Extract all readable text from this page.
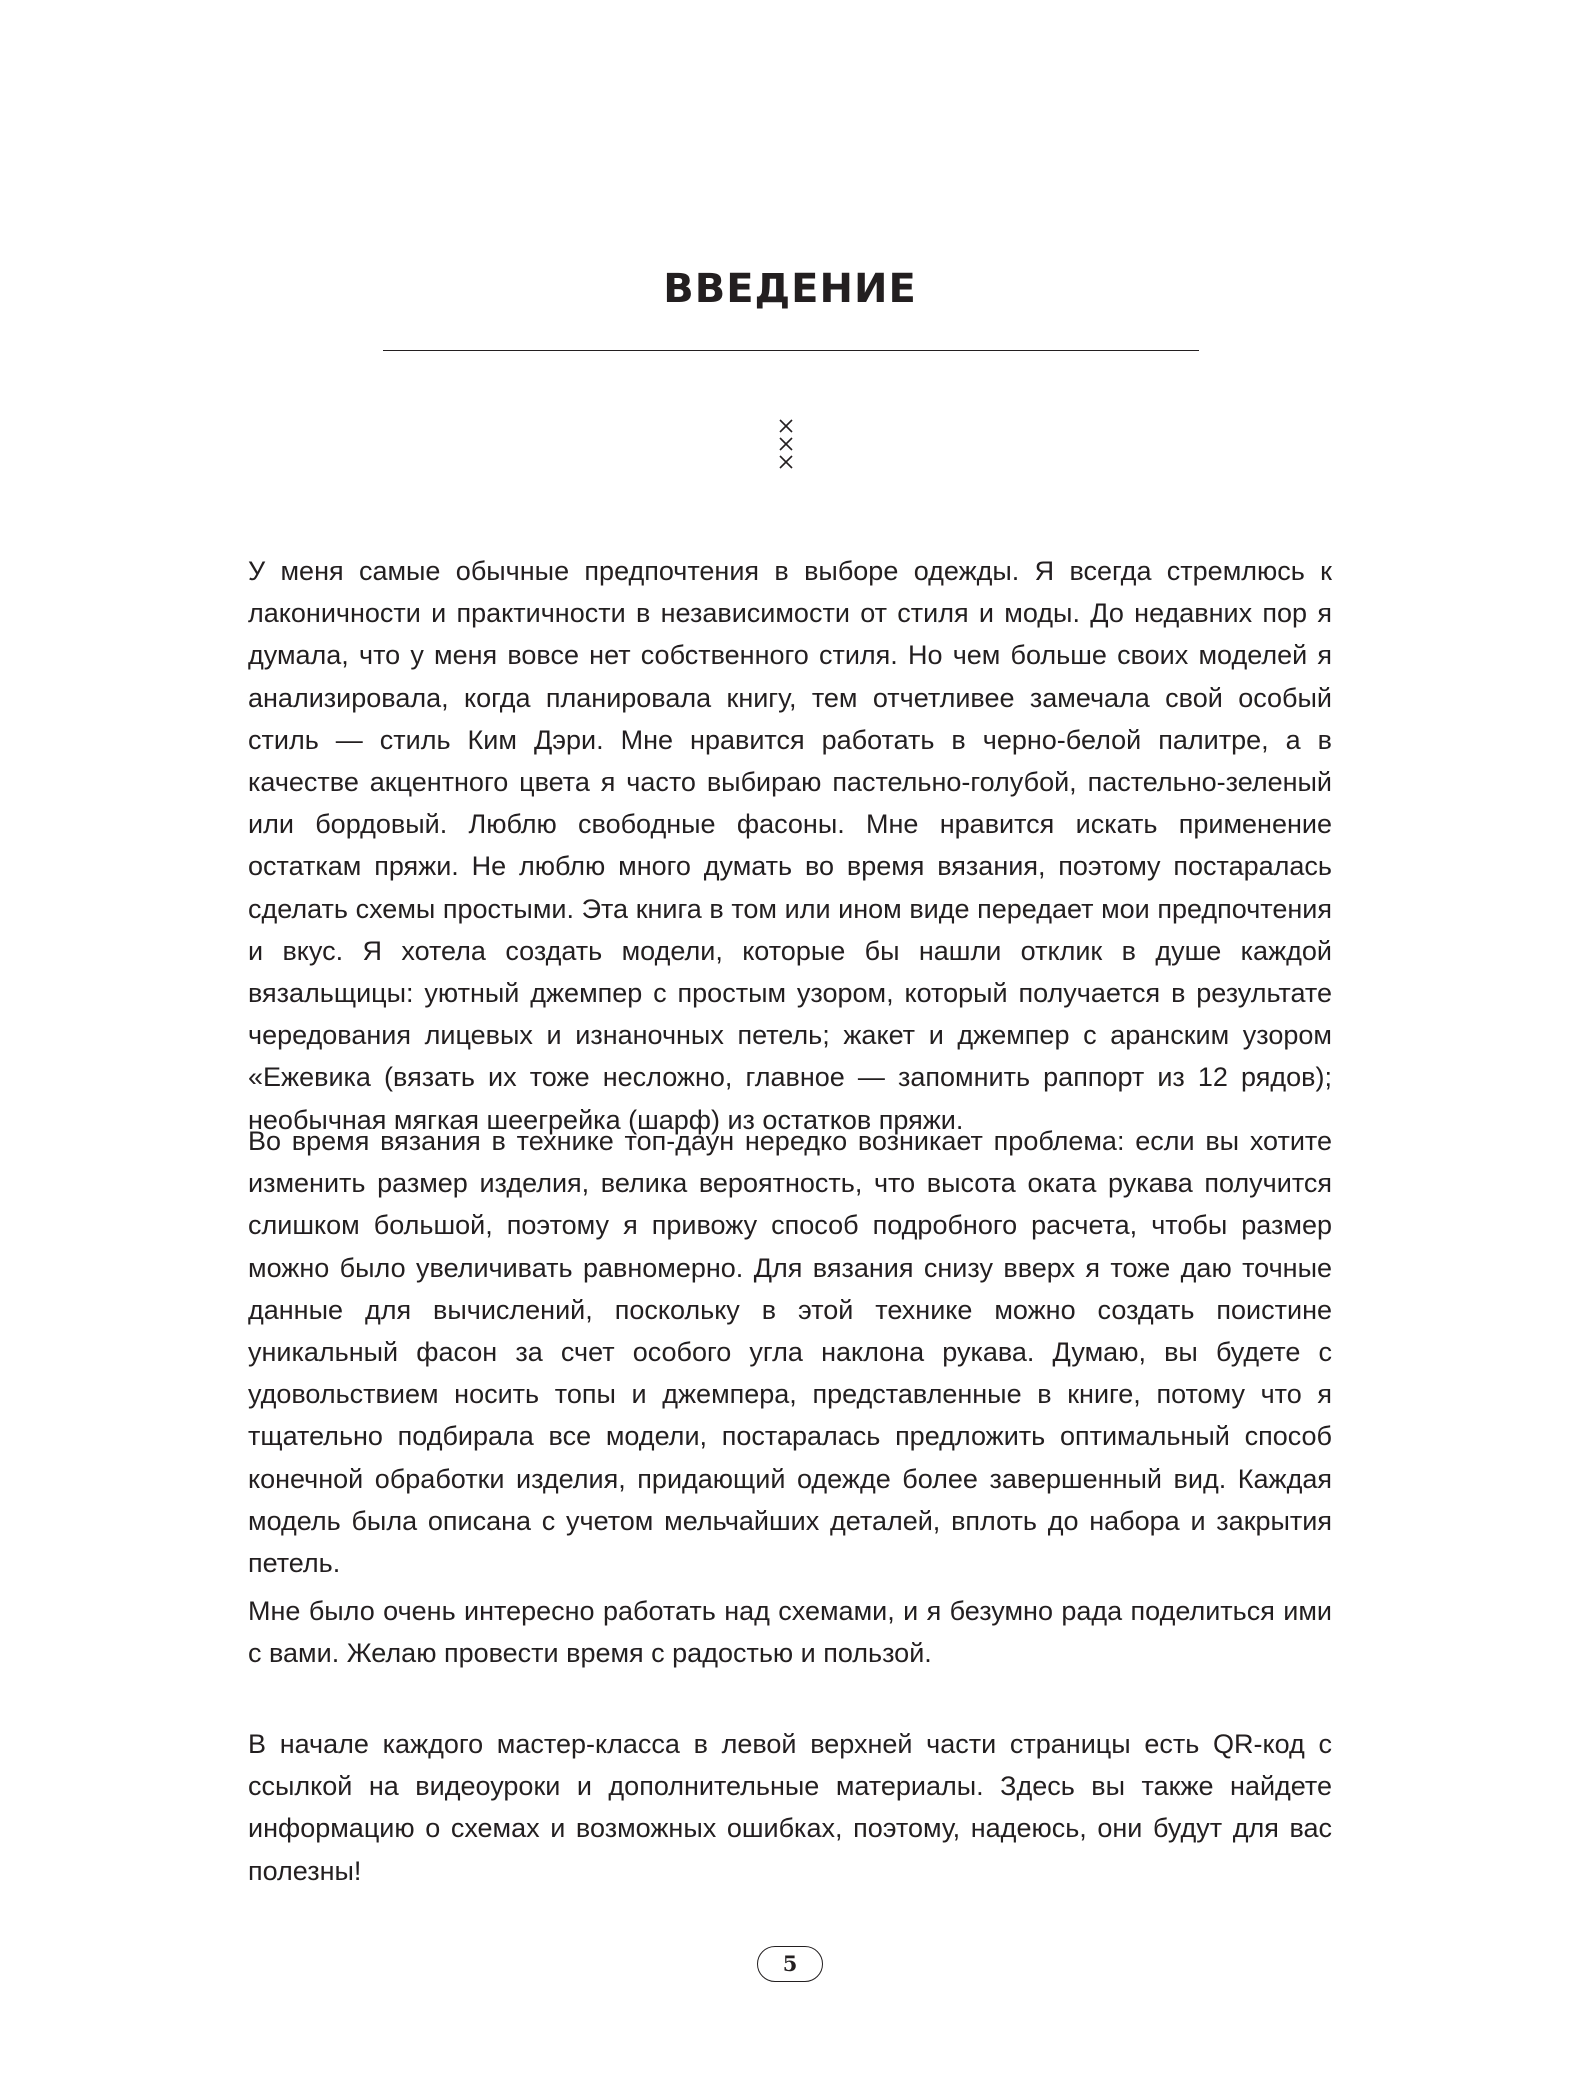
ВВЕДЕНИЕ

У меня самые обычные предпочтения в выборе одежды. Я всегда стремлюсь к лаконичности и практичности в независимости от стиля и моды. До недавних пор я думала, что у меня вовсе нет собственного стиля. Но чем больше своих моделей я анализировала, когда планировала книгу, тем отчетливее замечала свой особый стиль — стиль Ким Дэри. Мне нравится работать в черно-белой палитре, а в качестве акцентного цвета я часто выбираю пастельно-голубой, пастельно-зеленый или бордовый. Люблю свободные фасоны. Мне нравится искать применение остаткам пряжи. Не люблю много думать во время вязания, поэтому постаралась сделать схемы простыми. Эта книга в том или ином виде передает мои предпочтения и вкус. Я хотела создать модели, которые бы нашли отклик в душе каждой вязальщицы: уютный джемпер с простым узором, который получается в результате чередования лицевых и изнаночных петель; жакет и джемпер с аранским узором «Ежевика (вязать их тоже несложно, главное — запомнить раппорт из 12 рядов); необычная мягкая шеегрейка (шарф) из остатков пряжи.

Во время вязания в технике топ-даун нередко возникает проблема: если вы хотите изменить размер изделия, велика вероятность, что высота оката рукава получится слишком большой, поэтому я привожу способ подробного расчета, чтобы размер можно было увеличивать равномерно. Для вязания снизу вверх я тоже даю точные данные для вычислений, поскольку в этой технике можно создать поистине уникальный фасон за счет особого угла наклона рукава. Думаю, вы будете с удовольствием носить топы и джемпера, представленные в книге, потому что я тщательно подбирала все модели, постаралась предложить оптимальный способ конечной обработки изделия, придающий одежде более завершенный вид. Каждая модель была описана с учетом мельчайших деталей, вплоть до набора и закрытия петель.

Мне было очень интересно работать над схемами, и я безумно рада поделиться ими с вами. Желаю провести время с радостью и пользой.

В начале каждого мастер-класса в левой верхней части страницы есть QR-код с ссылкой на видеоуроки и дополнительные материалы. Здесь вы также найдете информацию о схемах и возможных ошибках, поэтому, надеюсь, они будут для вас полезны!

5
